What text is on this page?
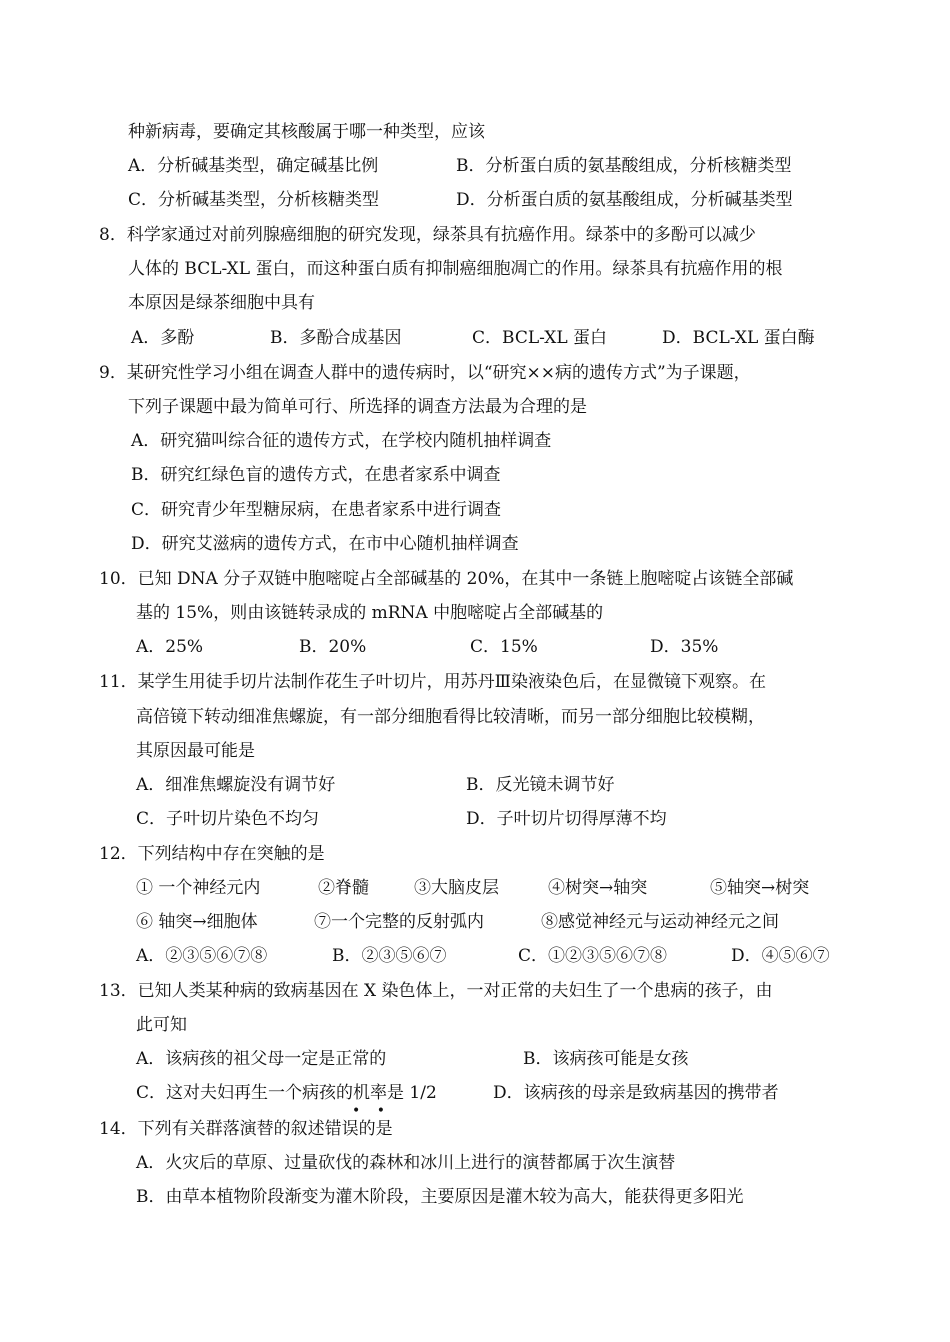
种新病毒，要确定其核酸属于哪一种类型，应该
A．分析碱基类型，确定碱基比例	B．分析蛋白质的氨基酸组成，分析核糖类型
C．分析碱基类型，分析核糖类型	D．分析蛋白质的氨基酸组成，分析碱基类型
8．科学家通过对前列腺癌细胞的研究发现，绿茶具有抗癌作用。绿茶中的多酚可以减少
人体的 BCL-XL 蛋白，而这种蛋白质有抑制癌细胞凋亡的作用。绿茶具有抗癌作用的根
本原因是绿茶细胞中具有
A．多酚	B．多酚合成基因	C．BCL-XL 蛋白	D．BCL-XL 蛋白酶
9．某研究性学习小组在调查人群中的遗传病时，以“研究××病的遗传方式”为子课题，
下列子课题中最为简单可行、所选择的调查方法最为合理的是
A．研究猫叫综合征的遗传方式，在学校内随机抽样调查
B．研究红绿色盲的遗传方式，在患者家系中调查
C．研究青少年型糖尿病，在患者家系中进行调查
D．研究艾滋病的遗传方式，在市中心随机抽样调查
10．已知 DNA 分子双链中胞嘧啶占全部碱基的 20%，在其中一条链上胞嘧啶占该链全部碱
基的 15%，则由该链转录成的 mRNA 中胞嘧啶占全部碱基的
A．25%	B．20%	C．15%	D．35%
11．某学生用徒手切片法制作花生子叶切片，用苏丹Ⅲ染液染色后，在显微镜下观察。在
高倍镜下转动细准焦螺旋，有一部分细胞看得比较清晰，而另一部分细胞比较模糊，
其原因最可能是
A．细准焦螺旋没有调节好	B．反光镜未调节好
C．子叶切片染色不均匀	D．子叶切片切得厚薄不均
12．下列结构中存在突触的是
① 一个神经元内	②脊髓	③大脑皮层	④树突→轴突	⑤轴突→树突
⑥ 轴突→细胞体	⑦一个完整的反射弧内	⑧感觉神经元与运动神经元之间
A．②③⑤⑥⑦⑧	B．②③⑤⑥⑦	C．①②③⑤⑥⑦⑧	D．④⑤⑥⑦
13．已知人类某种病的致病基因在 X 染色体上，一对正常的夫妇生了一个患病的孩子，由
此可知
A．该病孩的祖父母一定是正常的	B．该病孩可能是女孩
C．这对夫妇再生一个病孩的机率是 1/2	D．该病孩的母亲是致病基因的携带者
• •
14．下列有关群落演替的叙述错误的是
A．火灾后的草原、过量砍伐的森林和冰川上进行的演替都属于次生演替
B．由草本植物阶段渐变为灌木阶段，主要原因是灌木较为高大，能获得更多阳光
